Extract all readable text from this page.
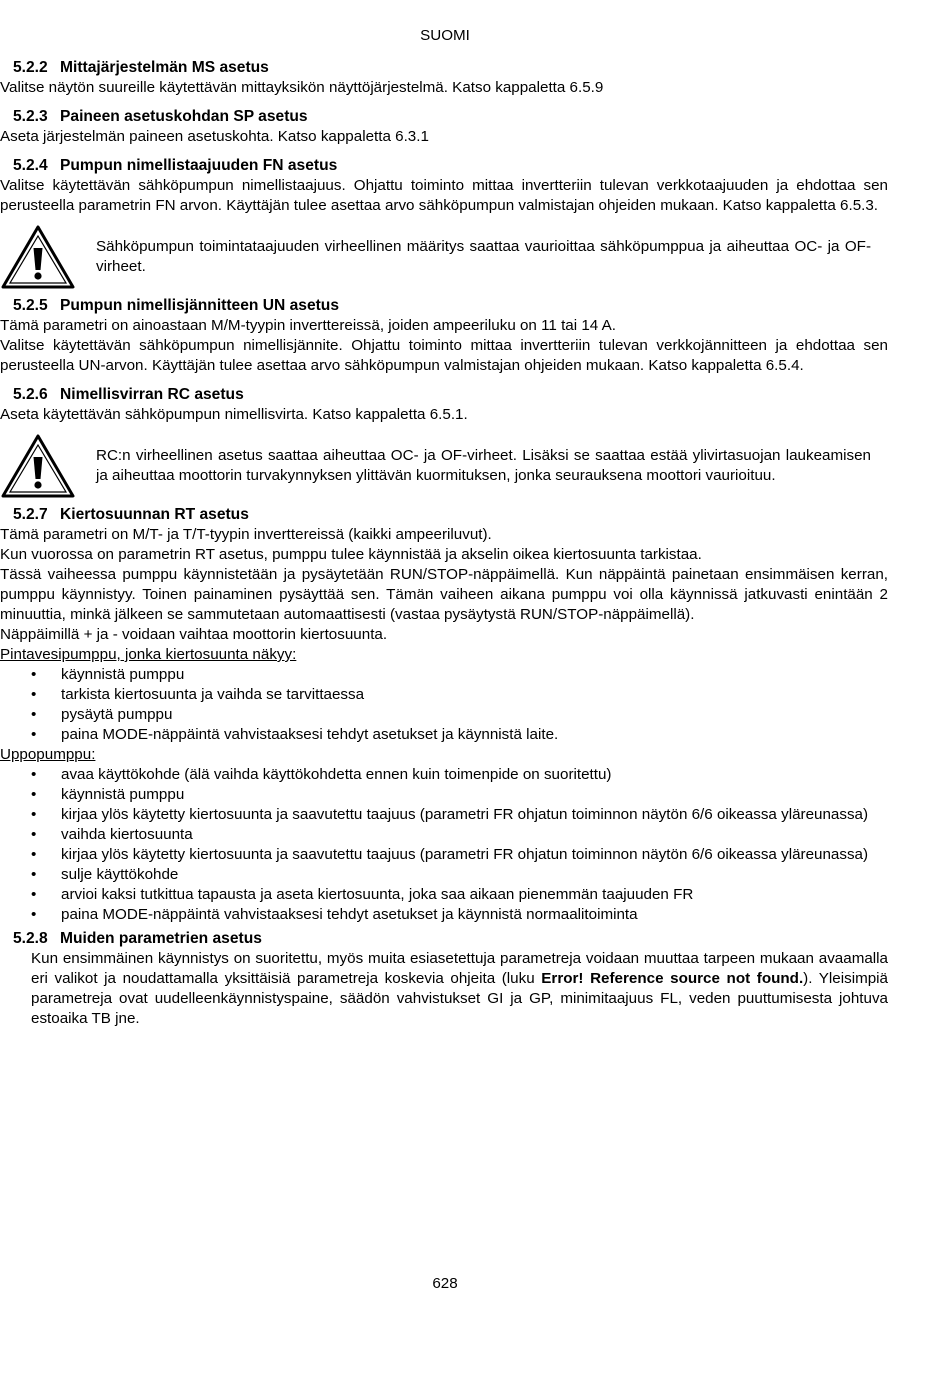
SUOMI
5.2.2 Mittajärjestelmän MS asetus

Valitse näytön suureille käytettävän mittayksikön näyttöjärjestelmä. Katso kappaletta 6.5.9

5.2.3 Paineen asetuskohdan SP asetus

Aseta järjestelmän paineen asetuskohta. Katso kappaletta 6.3.1

5.2.4 Pumpun nimellistaajuuden FN asetus

Valitse käytettävän sähköpumpun nimellistaajuus. Ohjattu toiminto mittaa invertteriin tulevan verkkotaajuuden ja ehdottaa sen perusteella parametrin FN arvon. Käyttäjän tulee asettaa arvo sähköpumpun valmistajan ohjeiden mukaan. Katso kappaletta 6.5.3.

Sähköpumpun toimintataajuuden virheellinen määritys saattaa vaurioittaa sähköpumppua ja aiheuttaa OC- ja OF-virheet.
5.2.5 Pumpun nimellisjännitteen UN asetus

Tämä parametri on ainoastaan M/M-tyypin inverttereissä, joiden ampeeriluku on 11 tai 14 A.

Valitse käytettävän sähköpumpun nimellisjännite. Ohjattu toiminto mittaa invertteriin tulevan verkkojännitteen ja ehdottaa sen perusteella UN-arvon. Käyttäjän tulee asettaa arvo sähköpumpun valmistajan ohjeiden mukaan. Katso kappaletta 6.5.4.

5.2.6 Nimellisvirran RC asetus

Aseta käytettävän sähköpumpun nimellisvirta. Katso kappaletta 6.5.1.

RC:n virheellinen asetus saattaa aiheuttaa OC- ja OF-virheet. Lisäksi se saattaa estää ylivirtasuojan laukeamisen ja aiheuttaa moottorin turvakynnyksen ylittävän kuormituksen, jonka seurauksena moottori vaurioituu.
5.2.7 Kiertosuunnan RT asetus

Tämä parametri on M/T- ja T/T-tyypin inverttereissä (kaikki ampeeriluvut).

Kun vuorossa on parametrin RT asetus, pumppu tulee käynnistää ja akselin oikea kiertosuunta tarkistaa.

Tässä vaiheessa pumppu käynnistetään ja pysäytetään RUN/STOP-näppäimellä. Kun näppäintä painetaan ensimmäisen kerran, pumppu käynnistyy. Toinen painaminen pysäyttää sen. Tämän vaiheen aikana pumppu voi olla käynnissä jatkuvasti enintään 2 minuuttia, minkä jälkeen se sammutetaan automaattisesti (vastaa pysäytystä RUN/STOP-näppäimellä).

Näppäimillä + ja - voidaan vaihtaa moottorin kiertosuunta.

Pintavesipumppu, jonka kiertosuunta näkyy:

• käynnistä pumppu
• tarkista kiertosuunta ja vaihda se tarvittaessa
• pysäytä pumppu
• paina MODE-näppäintä vahvistaaksesi tehdyt asetukset ja käynnistä laite.

Uppopumppu:

• avaa käyttökohde (älä vaihda käyttökohdetta ennen kuin toimenpide on suoritettu)
• käynnistä pumppu
• kirjaa ylös käytetty kiertosuunta ja saavutettu taajuus (parametri FR ohjatun toiminnon näytön 6/6 oikeassa yläreunassa)
• vaihda kiertosuunta
• kirjaa ylös käytetty kiertosuunta ja saavutettu taajuus (parametri FR ohjatun toiminnon näytön 6/6 oikeassa yläreunassa)
• sulje käyttökohde
• arvioi kaksi tutkittua tapausta ja aseta kiertosuunta, joka saa aikaan pienemmän taajuuden FR
• paina MODE-näppäintä vahvistaaksesi tehdyt asetukset ja käynnistä normaalitoiminta
5.2.8 Muiden parametrien asetus

Kun ensimmäinen käynnistys on suoritettu, myös muita esiasetettuja parametreja voidaan muuttaa tarpeen mukaan avaamalla eri valikot ja noudattamalla yksittäisiä parametreja koskevia ohjeita (luku Error! Reference source not found.). Yleisimpiä parametreja ovat uudelleenkäynnistyspaine, säädön vahvistukset GI ja GP, minimitaajuus FL, veden puuttumisesta johtuva estoaika TB jne.

628
